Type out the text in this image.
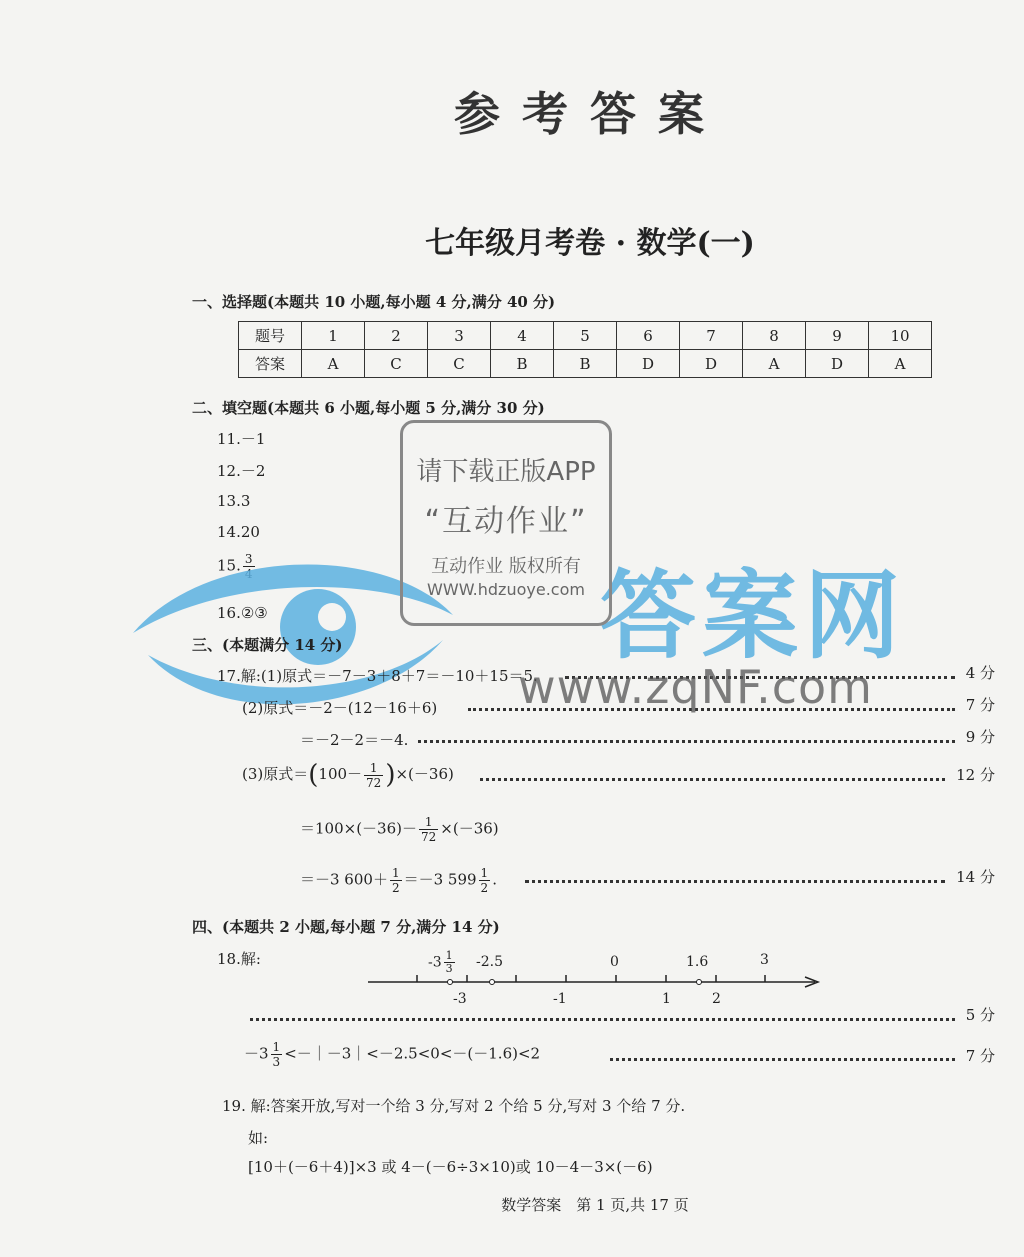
参考答案
七年级月考卷 · 数学(一)
一、选择题(本题共 10 小题,每小题 4 分,满分 40 分)
题号	1	2	3	4	5	6	7	8	9	10
答案	A	C	C	B	B	D	D	A	D	A
二、填空题(本题共 6 小题,每小题 5 分,满分 30 分)
11.－1
12.－2
13.3
14.20
15. 3
16.②③	答案网
请下载正版APP
“互动作业”
互动作业 版权所有
WWW.hdzuoye.com
三、(本题满分 14 分)
17.解:(1)原式＝－7－3＋8＋7＝－10＋15＝5.	4 分
(2)原式＝－2－(12－16＋6)	7 分
＝－2－2＝－4.	9 分
(3)原式$=(100- \frac{1}{72} )\times(-36)$	12 分
$=100\times(-36)- \frac{1}{72} \times(-36)$
＝－3 $600+ \frac{1}{2} =-3$ $599 \frac{1}{2}$ .	14 分
www.zqNF.com
四、(本题共 2 小题,每小题 7 分,满分 14 分)
18.解:	$-3 \frac{1}{3} -2.5$	0	1.6	3
-3	-1	1	2
5 分
$-3 \frac{1}{3}$ <－｜－3｜<－2.5<0<－(－1.6)<2	7 分
19. 解:答案开放,写对一个给 3 分,写对 2 个给 5 分,写对 3 个给 7 分.
如:
[10＋(－6＋4)]×3 或 4－(－6÷3×10)或 10－4－3×(－6)
数学答案　第 1 页,共 17 页
